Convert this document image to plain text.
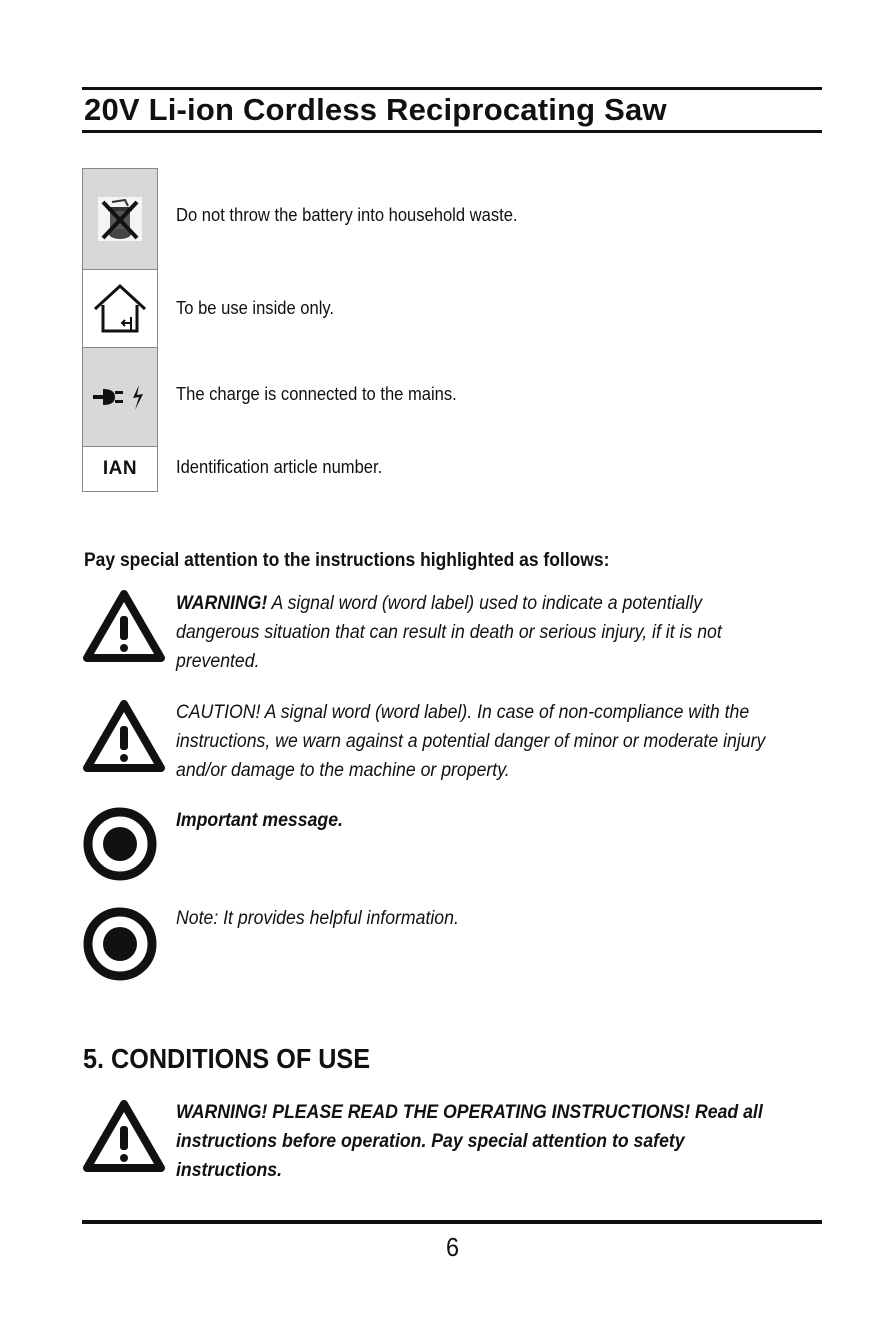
20V Li-ion Cordless Reciprocating Saw
IAN
Do not throw the battery into household waste.
To be use inside only.
The charge is connected to the mains.
Identification article number.
Pay special attention to the instructions highlighted as follows:
WARNING! A signal word (word label) used to indicate a potentially dangerous situation that can result in death or serious injury, if it is not prevented.
CAUTION! A signal word (word label). In case of non-compliance with the instructions, we warn against a potential danger of minor or moderate injury and/or damage to the machine or property.
Important message.
Note: It provides helpful information.
5. CONDITIONS OF USE
WARNING! PLEASE READ THE OPERATING INSTRUCTIONS! Read all instructions before operation. Pay special attention to safety instructions.
6
